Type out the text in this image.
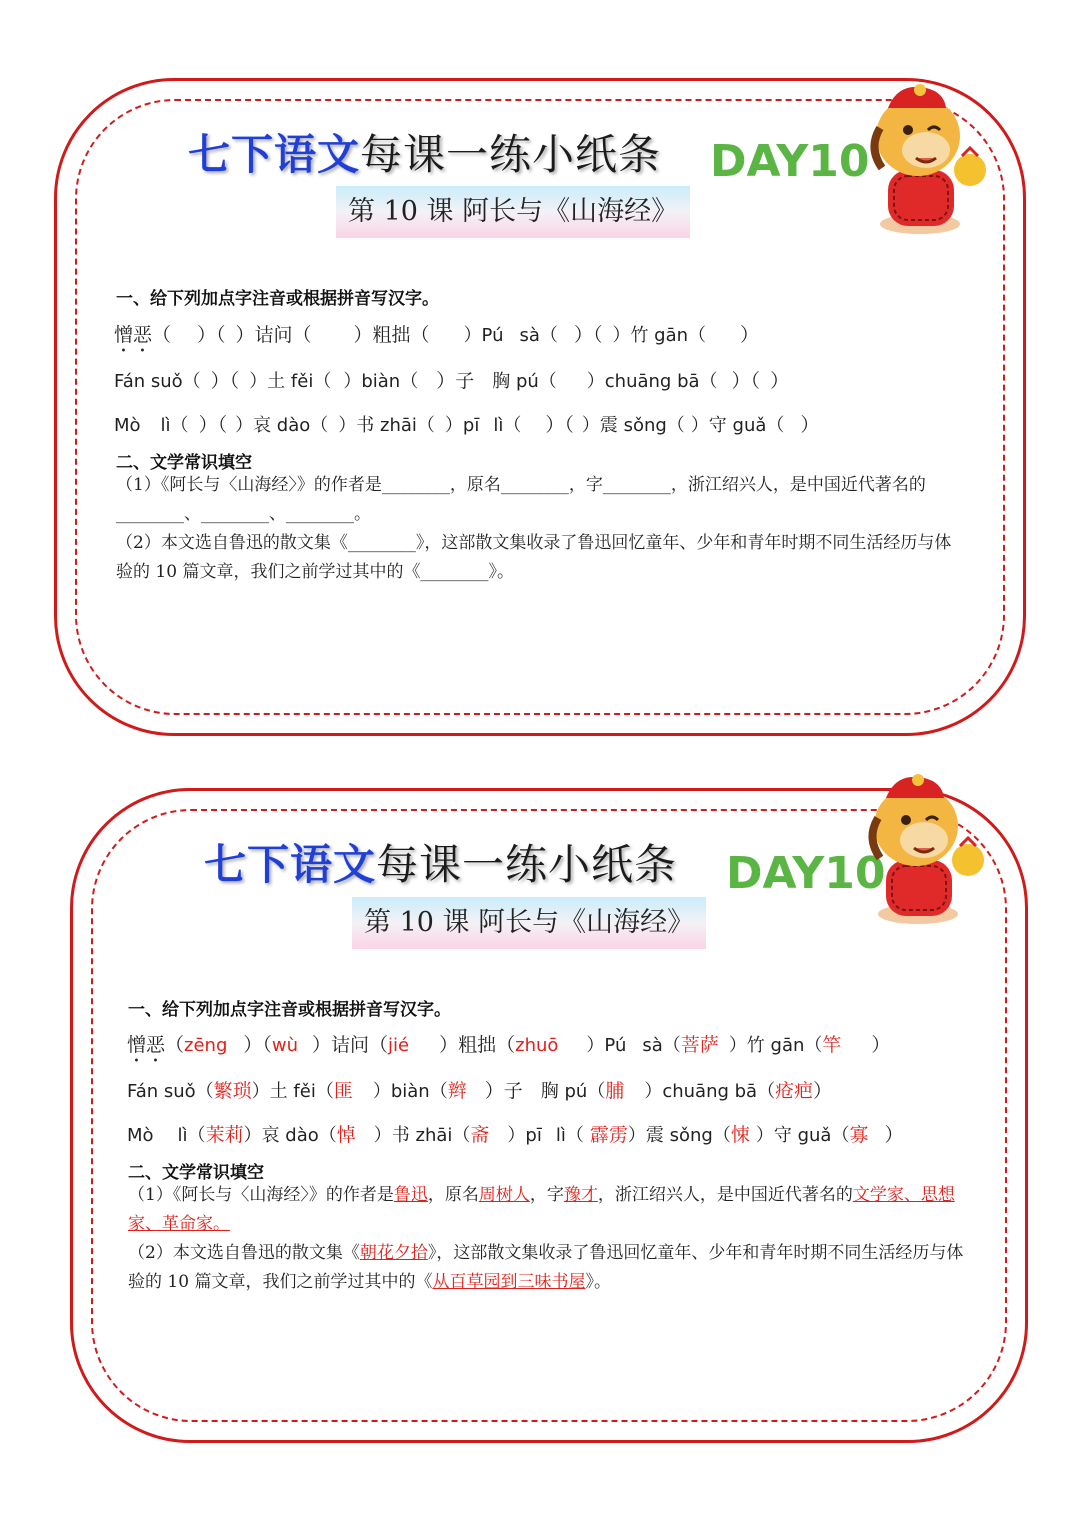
七下语文每课一练小纸条 DAY10
第 10 课 阿长与《山海经》
一、给下列加点字注音或根据拼音写汉字。
憎恶（ ）（ ）诘问（ ）粗拙（ ）Pú sà（ ）（ ）竹 gān（ ）
Fán suǒ（ ）（ ）土 fěi（ ）biàn（ ）子 胸 pú（ ）chuāng bā（ ）（ ）
Mò lì（ ）（ ）哀 dào（ ）书 zhāi（ ）pī lì（ ）（ ）震 sǒng（ ）守 guǎ（ ）
二、文学常识填空
（1）《阿长与〈山海经〉》的作者是________，原名________，字________，浙江绍兴人，是中国近代著名的________、________、________。
（2）本文选自鲁迅的散文集《________》，这部散文集收录了鲁迅回忆童年、少年和青年时期不同生活经历与体验的 10 篇文章，我们之前学过其中的《________》。
七下语文每课一练小纸条 DAY10
第 10 课 阿长与《山海经》
一、给下列加点字注音或根据拼音写汉字。
憎恶（zēng ）（wù ）诘问（jié ）粗拙（zhuō ）Pú sà（菩萨 ）竹 gān（竿 ）
Fán suǒ（繁琐）土 fěi（匪 ）biàn（辫 ）子 胸 pú（脯 ）chuāng bā（疮疤）
Mò lì（茉莉）哀 dào（悼 ）书 zhāi（斋 ）pī lì（ 霹雳）震 sǒng（悚 ）守 guǎ（寡 ）
二、文学常识填空
（1）《阿长与〈山海经〉》的作者是鲁迅，原名周树人，字豫才，浙江绍兴人，是中国近代著名的文学家、思想家、革命家。
（2）本文选自鲁迅的散文集《朝花夕拾》，这部散文集收录了鲁迅回忆童年、少年和青年时期不同生活经历与体验的 10 篇文章，我们之前学过其中的《从百草园到三味书屋》。
